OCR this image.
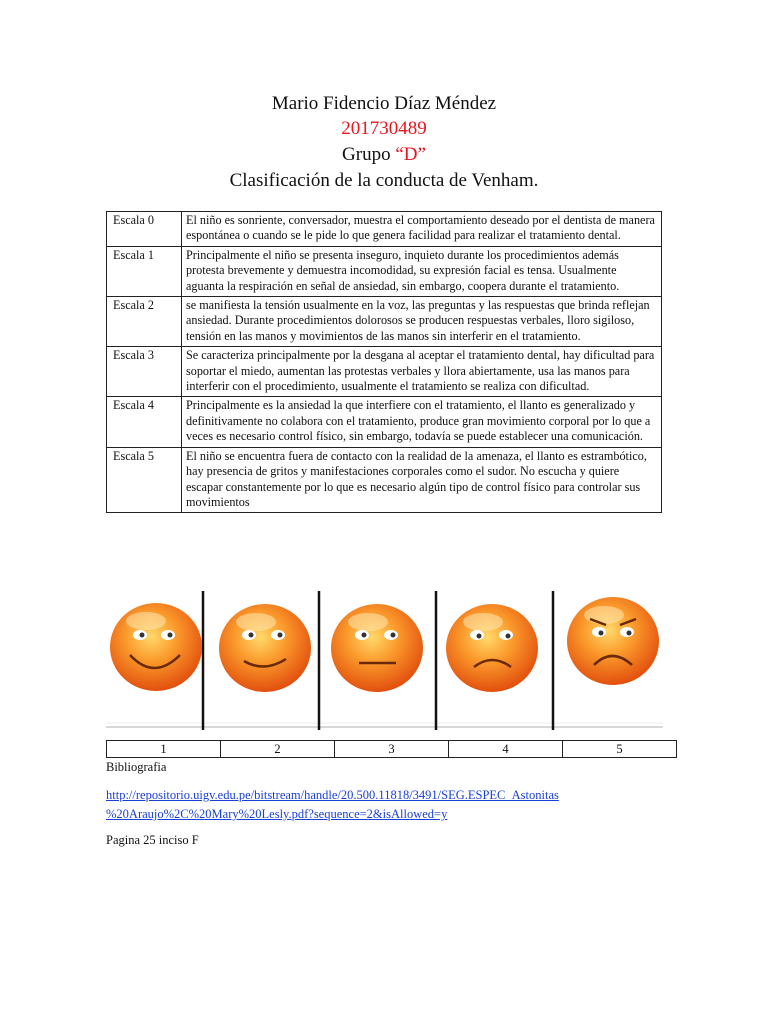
Mario Fidencio Díaz Méndez
201730489
Grupo “D”
Clasificación de la conducta de Venham.
Escala 0	El niño es sonriente, conversador, muestra el comportamiento deseado por el dentista de manera espontánea o cuando se le pide lo que genera facilidad para realizar el tratamiento dental.
Escala 1	Principalmente el niño se presenta inseguro, inquieto durante los procedimientos además protesta brevemente y demuestra incomodidad, su expresión facial es tensa. Usualmente aguanta la respiración en señal de ansiedad, sin embargo, coopera durante el tratamiento.
Escala 2	se manifiesta la tensión usualmente en la voz, las preguntas y las respuestas que brinda reflejan ansiedad. Durante procedimientos dolorosos se producen respuestas verbales, llorо sigiloso, tensión en las manos y movimientos de las manos sin interferir en el tratamiento.
Escala 3	Se caracteriza principalmente por la desgana al aceptar el tratamiento dental, hay dificultad para soportar el miedo, aumentan las protestas verbales y llora abiertamente, usa las manos para interferir con el procedimiento, usualmente el tratamiento se realiza con dificultad.
Escala 4	Principalmente es la ansiedad la que interfiere con el tratamiento, el llanto es generalizado y definitivamente no colabora con el tratamiento, produce gran movimiento corporal por lo que a veces es necesario control físico, sin embargo, todavía se puede establecer una comunicación.
Escala 5	El niño se encuentra fuera de contacto con la realidad de la amenaza, el llanto es estrambótico, hay presencia de gritos y manifestaciones corporales como el sudor. No escucha y quiere escapar constantemente por lo que es necesario algún tipo de control físico para controlar sus movimientos
1	2	3	4	5
Bibliografia
http://repositorio.uigv.edu.pe/bitstream/handle/20.500.11818/3491/SEG.ESPEC_Astonitas
%20Araujo%2C%20Mary%20Lesly.pdf?sequence=2&isAllowed=y
Pagina 25 inciso F
